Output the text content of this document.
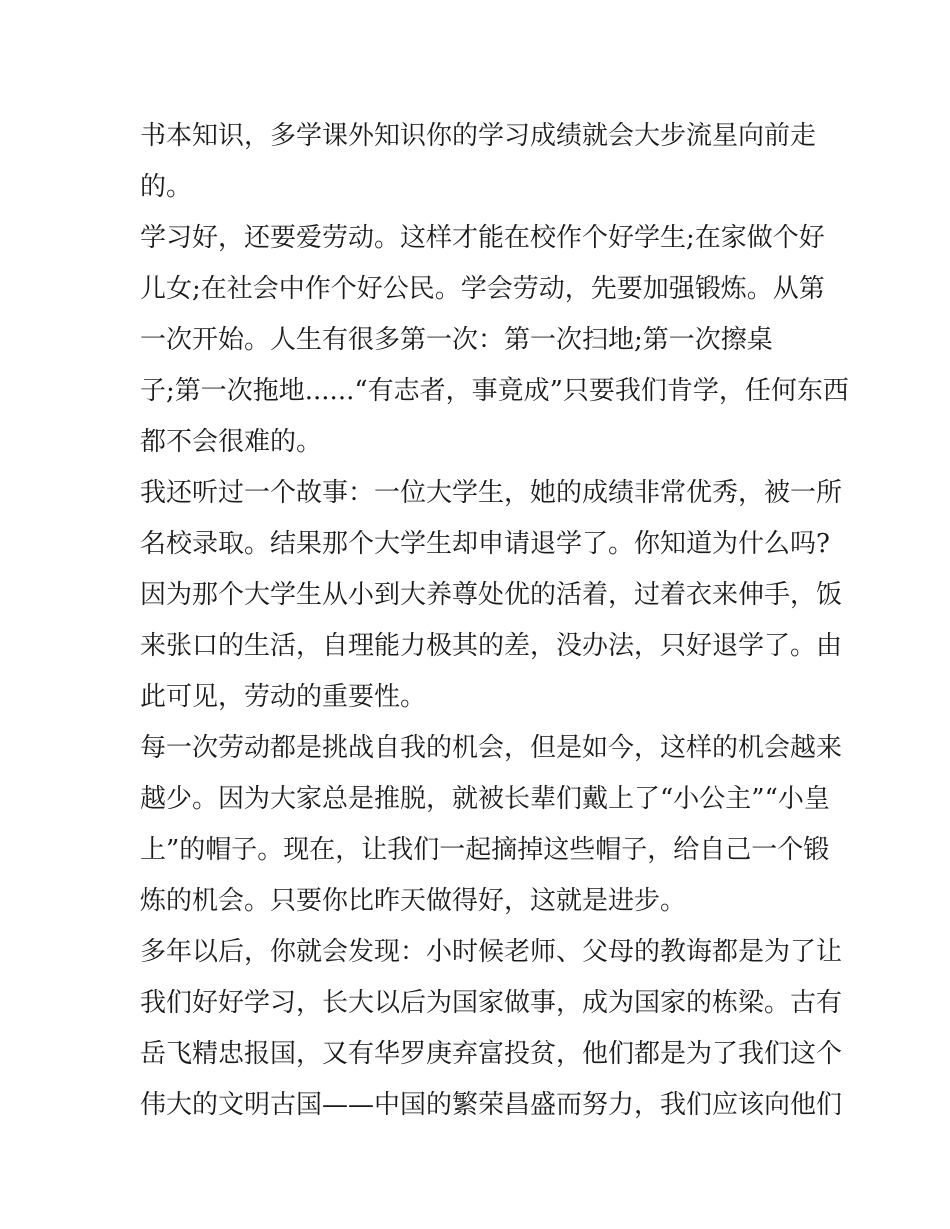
书本知识，多学课外知识你的学习成绩就会大步流星向前走
的。
学习好，还要爱劳动。这样才能在校作个好学生;在家做个好
儿女;在社会中作个好公民。学会劳动，先要加强锻炼。从第
一次开始。人生有很多第一次：第一次扫地;第一次擦桌
子;第一次拖地......“有志者，事竟成”只要我们肯学，任何东西
都不会很难的。
我还听过一个故事：一位大学生，她的成绩非常优秀，被一所
名校录取。结果那个大学生却申请退学了。你知道为什么吗?
因为那个大学生从小到大养尊处优的活着，过着衣来伸手，饭
来张口的生活，自理能力极其的差，没办法，只好退学了。由
此可见，劳动的重要性。
每一次劳动都是挑战自我的机会，但是如今，这样的机会越来
越少。因为大家总是推脱，就被长辈们戴上了“小公主”“小皇
上”的帽子。现在，让我们一起摘掉这些帽子，给自己一个锻
炼的机会。只要你比昨天做得好，这就是进步。
多年以后，你就会发现：小时候老师、父母的教诲都是为了让
我们好好学习，长大以后为国家做事，成为国家的栋梁。古有
岳飞精忠报国，又有华罗庚弃富投贫，他们都是为了我们这个
伟大的文明古国——中国的繁荣昌盛而努力，我们应该向他们
